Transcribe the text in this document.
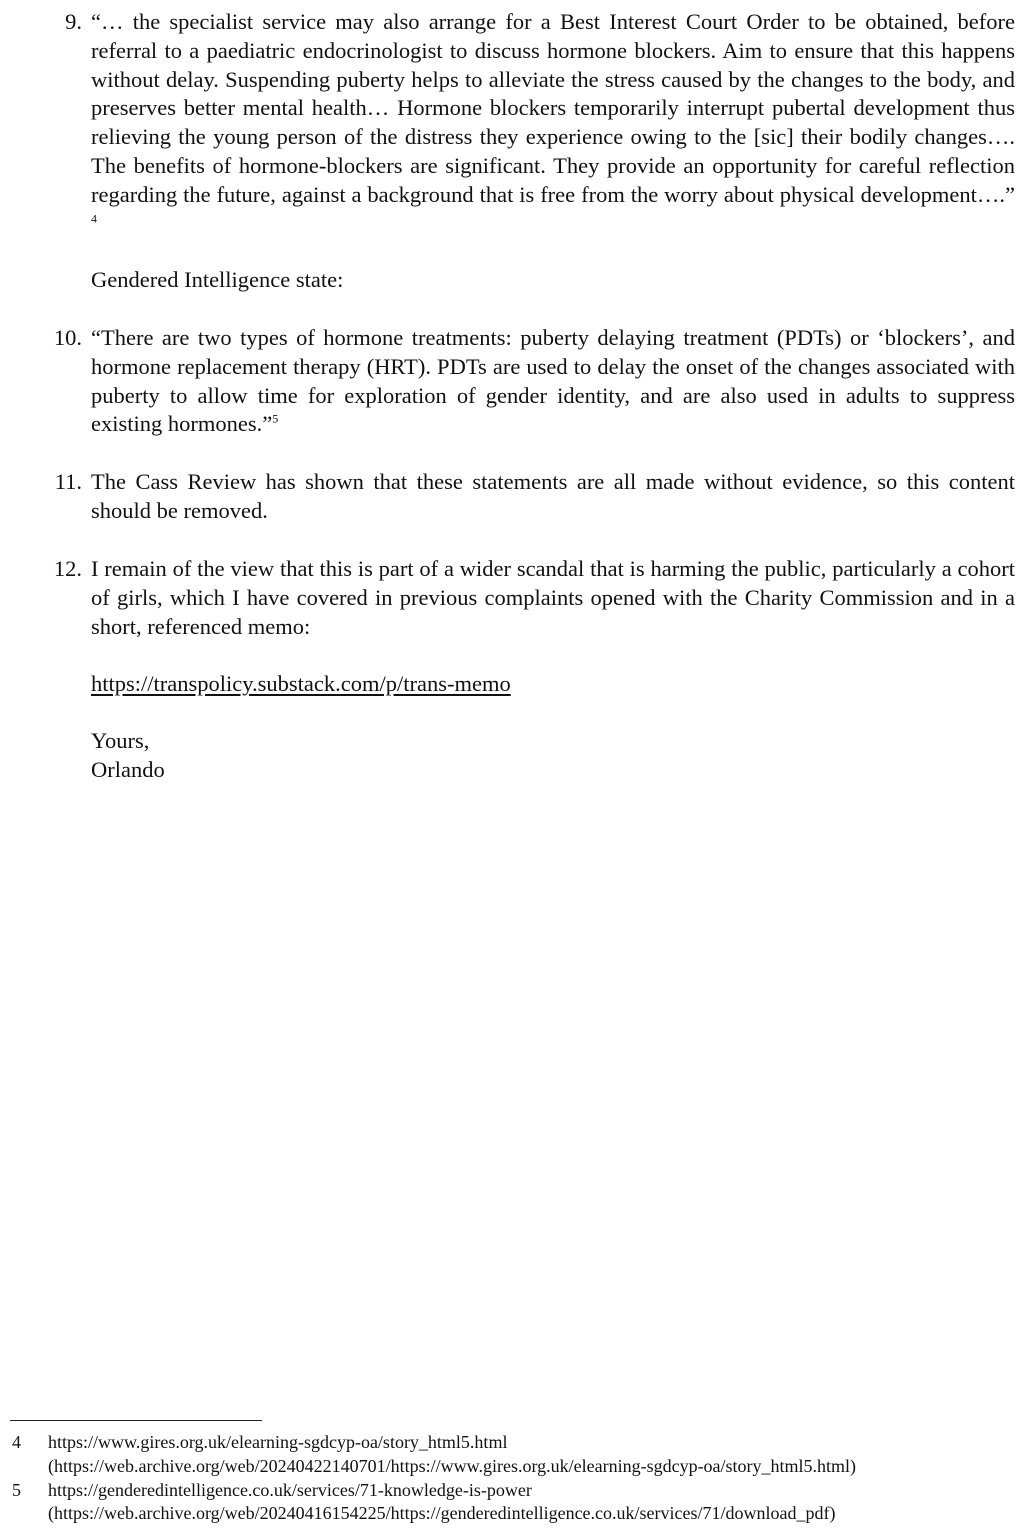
9. “… the specialist service may also arrange for a Best Interest Court Order to be obtained, before referral to a paediatric endocrinologist to discuss hormone blockers. Aim to ensure that this happens without delay. Suspending puberty helps to alleviate the stress caused by the changes to the body, and preserves better mental health… Hormone blockers temporarily interrupt pubertal development thus relieving the young person of the distress they experience owing to the [sic] their bodily changes…. The benefits of hormone-blockers are significant. They provide an opportunity for careful reflection regarding the future, against a background that is free from the worry about physical development….” $^4$
Gendered Intelligence state:
10. “There are two types of hormone treatments: puberty delaying treatment (PDTs) or ‘blockers’, and hormone replacement therapy (HRT). PDTs are used to delay the onset of the changes associated with puberty to allow time for exploration of gender identity, and are also used in adults to suppress existing hormones.”$^5$
11. The Cass Review has shown that these statements are all made without evidence, so this content should be removed.
12. I remain of the view that this is part of a wider scandal that is harming the public, particularly a cohort of girls, which I have covered in previous complaints opened with the Charity Commission and in a short, referenced memo:
https://transpolicy.substack.com/p/trans-memo
Yours,
Orlando
4 https://www.gires.org.uk/elearning-sgdcyp-oa/story_html5.html
(https://web.archive.org/web/20240422140701/https://www.gires.org.uk/elearning-sgdcyp-oa/story_html5.html)
5 https://genderedintelligence.co.uk/services/71-knowledge-is-power
(https://web.archive.org/web/20240416154225/https://genderedintelligence.co.uk/services/71/download_pdf)
